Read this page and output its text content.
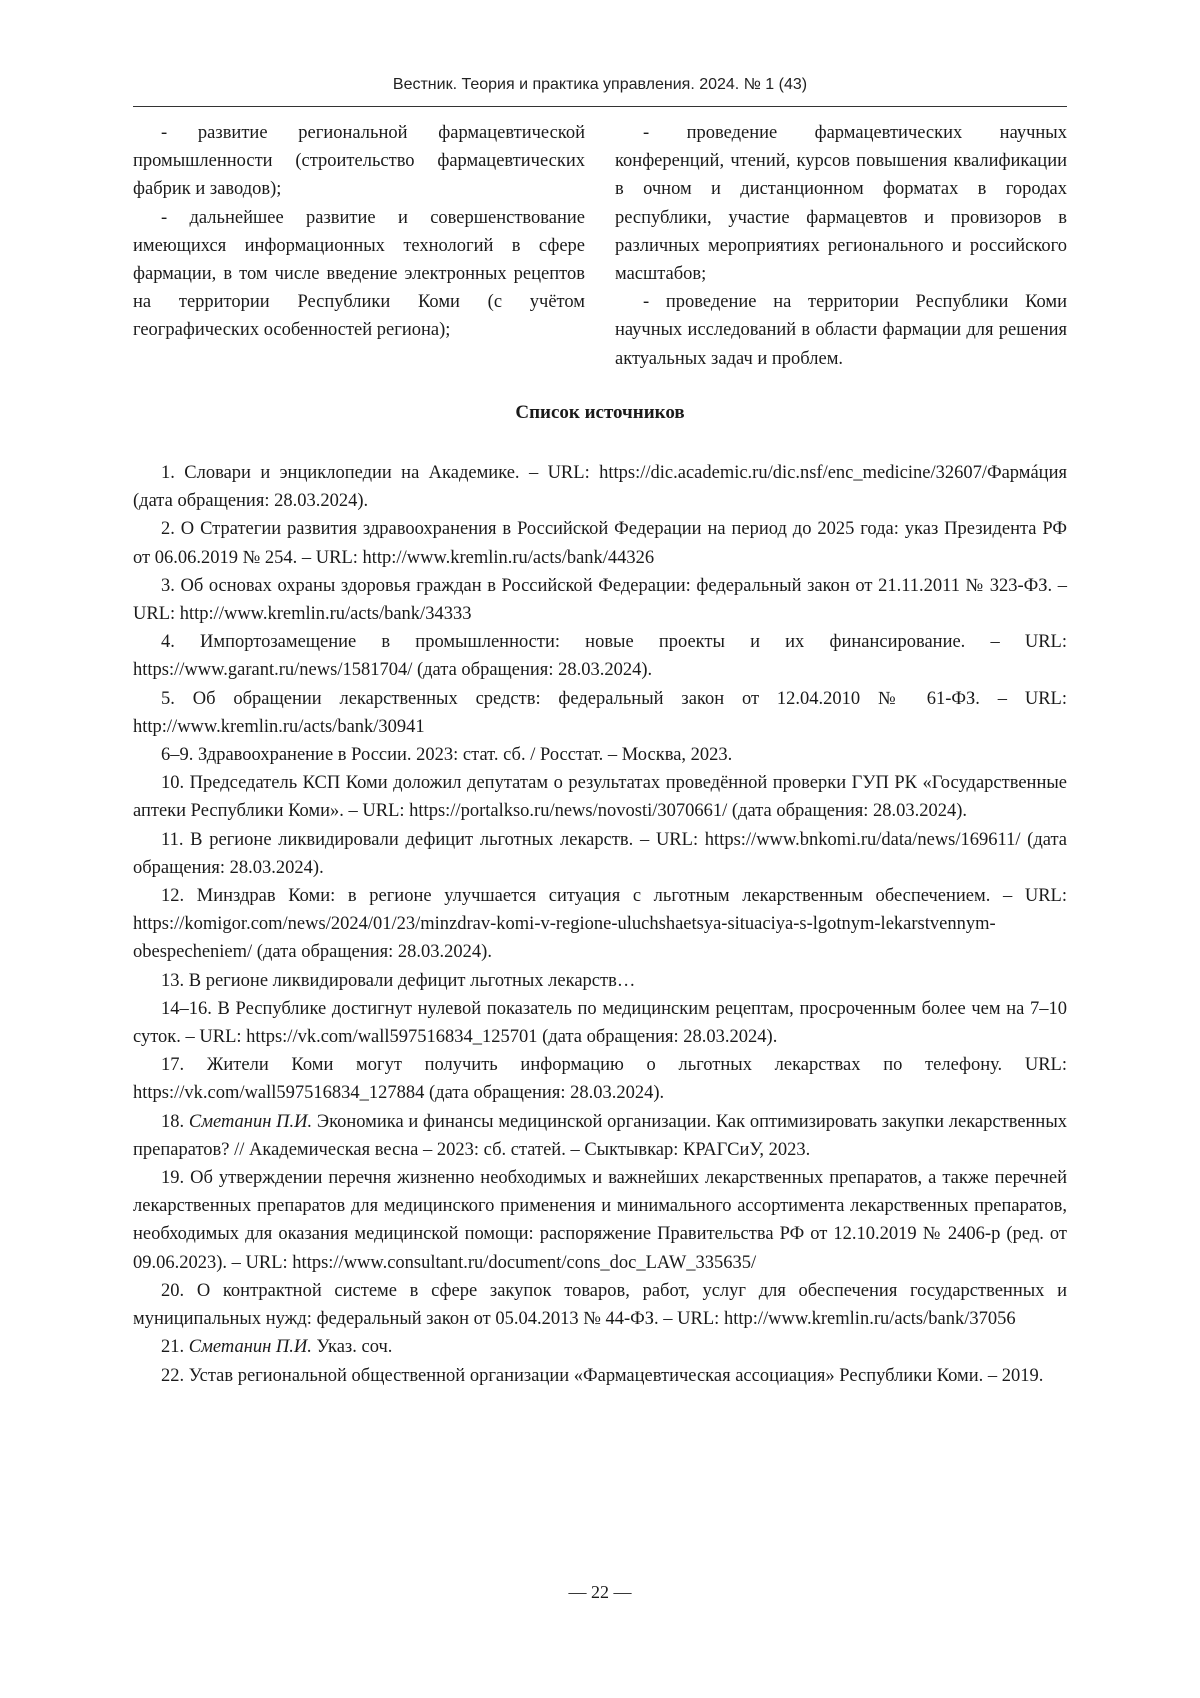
Вестник. Теория и практика управления. 2024. № 1 (43)

- развитие региональной фармацевтической промышленности (строительство фармацевтических фабрик и заводов);

- дальнейшее развитие и совершенствование имеющихся информационных технологий в сфере фармации, в том числе введение электронных рецептов на территории Республики Коми (с учётом географических особенностей региона);

- проведение фармацевтических научных конференций, чтений, курсов повышения квалификации в очном и дистанционном форматах в городах республики, участие фармацевтов и провизоров в различных мероприятиях регионального и российского масштабов;

- проведение на территории Республики Коми научных исследований в области фармации для решения актуальных задач и проблем.

Список источников

1. Словари и энциклопедии на Академике. – URL: https://dic.academic.ru/dic.nsf/enc_medicine/32607/Фармáция (дата обращения: 28.03.2024).

2. О Стратегии развития здравоохранения в Российской Федерации на период до 2025 года: указ Президента РФ от 06.06.2019 № 254. – URL: http://www.kremlin.ru/acts/bank/44326

3. Об основах охраны здоровья граждан в Российской Федерации: федеральный закон от 21.11.2011 № 323-ФЗ. – URL: http://www.kremlin.ru/acts/bank/34333

4. Импортозамещение в промышленности: новые проекты и их финансирование. – URL: https://www.garant.ru/news/1581704/ (дата обращения: 28.03.2024).

5. Об обращении лекарственных средств: федеральный закон от 12.04.2010 № 61-ФЗ. – URL: http://www.kremlin.ru/acts/bank/30941

6–9. Здравоохранение в России. 2023: стат. сб. / Росстат. – Москва, 2023.

10. Председатель КСП Коми доложил депутатам о результатах проведённой проверки ГУП РК «Государственные аптеки Республики Коми». – URL: https://portalkso.ru/news/novosti/3070661/ (дата обращения: 28.03.2024).

11. В регионе ликвидировали дефицит льготных лекарств. – URL: https://www.bnkomi.ru/data/news/169611/ (дата обращения: 28.03.2024).

12. Минздрав Коми: в регионе улучшается ситуация с льготным лекарственным обеспечением. – URL: https://komigor.com/news/2024/01/23/minzdrav-komi-v-regione-uluchshaetsya-situaciya-s-lgotnym-lekarstvennym-obespecheniem/ (дата обращения: 28.03.2024).

13. В регионе ликвидировали дефицит льготных лекарств…

14–16. В Республике достигнут нулевой показатель по медицинским рецептам, просроченным более чем на 7–10 суток. – URL: https://vk.com/wall597516834_125701 (дата обращения: 28.03.2024).

17. Жители Коми могут получить информацию о льготных лекарствах по телефону. URL: https://vk.com/wall597516834_127884 (дата обращения: 28.03.2024).

18. Сметанин П.И. Экономика и финансы медицинской организации. Как оптимизировать закупки лекарственных препаратов? // Академическая весна – 2023: сб. статей. – Сыктывкар: КРАГСиУ, 2023.

19. Об утверждении перечня жизненно необходимых и важнейших лекарственных препаратов, а также перечней лекарственных препаратов для медицинского применения и минимального ассортимента лекарственных препаратов, необходимых для оказания медицинской помощи: распоряжение Правительства РФ от 12.10.2019 № 2406-р (ред. от 09.06.2023). – URL: https://www.consultant.ru/document/cons_doc_LAW_335635/

20. О контрактной системе в сфере закупок товаров, работ, услуг для обеспечения государственных и муниципальных нужд: федеральный закон от 05.04.2013 № 44-ФЗ. – URL: http://www.kremlin.ru/acts/bank/37056

21. Сметанин П.И. Указ. соч.

22. Устав региональной общественной организации «Фармацевтическая ассоциация» Республики Коми. – 2019.

— 22 —
